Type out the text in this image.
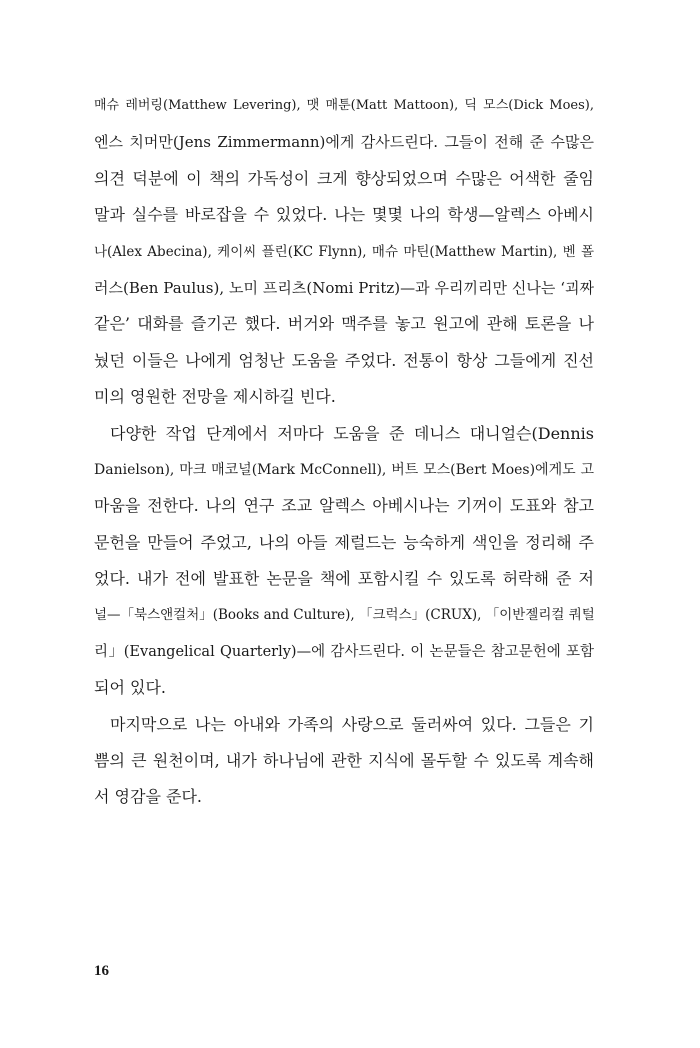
매슈 레버링(Matthew Levering), 맷 매툰(Matt Mattoon), 딕 모스(Dick Moes),
엔스 치머만(Jens Zimmermann)에게 감사드린다. 그들이 전해 준 수많은
의견 덕분에 이 책의 가독성이 크게 향상되었으며 수많은 어색한 줄임
말과 실수를 바로잡을 수 있었다. 나는 몇몇 나의 학생—알렉스 아베시
나(Alex Abecina), 케이씨 플린(KC Flynn), 매슈 마틴(Matthew Martin), 벤 폴
러스(Ben Paulus), 노미 프리츠(Nomi Pritz)—과 우리끼리만 신나는 ‘괴짜
같은’ 대화를 즐기곤 했다. 버거와 맥주를 놓고 원고에 관해 토론을 나
눴던 이들은 나에게 엄청난 도움을 주었다. 전통이 항상 그들에게 진선
미의 영원한 전망을 제시하길 빈다.
다양한 작업 단계에서 저마다 도움을 준 데니스 대니얼슨(Dennis
Danielson), 마크 매코널(Mark McConnell), 버트 모스(Bert Moes)에게도 고
마움을 전한다. 나의 연구 조교 알렉스 아베시나는 기꺼이 도표와 참고
문헌을 만들어 주었고, 나의 아들 제럴드는 능숙하게 색인을 정리해 주
었다. 내가 전에 발표한 논문을 책에 포함시킬 수 있도록 허락해 준 저
널—「북스앤컬처」(Books and Culture), 「크럭스」(CRUX), 「이반젤리컬 쿼털
리」(Evangelical Quarterly)—에 감사드린다. 이 논문들은 참고문헌에 포함
되어 있다.
마지막으로 나는 아내와 가족의 사랑으로 둘러싸여 있다. 그들은 기
쁨의 큰 원천이며, 내가 하나님에 관한 지식에 몰두할 수 있도록 계속해
서 영감을 준다.
16
